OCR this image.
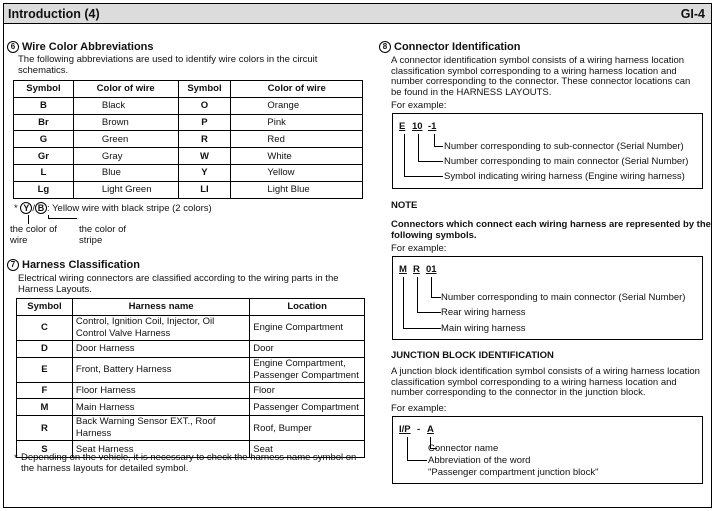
Introduction (4)	GI-4
6 Wire Color Abbreviations
The following abbreviations are used to identify wire colors in the circuit schematics.
Symbol	Color of wire	Symbol	Color of wire
B	Black	O	Orange
Br	Brown	P	Pink
G	Green	R	Red
Gr	Gray	W	White
L	Blue	Y	Yellow
Lg	Light Green	LI	Light Blue
* Y / B : Yellow wire with black stripe (2 colors)
the color of wire
the color of stripe
7 Harness Classification
Electrical wiring connectors are classified according to the wiring parts in the Harness Layouts.
Symbol	Harness name	Location
C	Control, Ignition Coil, Injector, Oil Control Valve Harness	Engine Compartment
D	Door Harness	Door
E	Front, Battery Harness	Engine Compartment, Passenger Compartment
F	Floor Harness	Floor
M	Main Harness	Passenger Compartment
R	Back Warning Sensor EXT., Roof Harness	Roof, Bumper
S	Seat Harness	Seat
* Depending on the vehicle, it is necessary to check the harness name symbol on the harness layouts for detailed symbol.
8 Connector Identification
A connector identification symbol consists of a wiring harness location classification symbol corresponding to a wiring harness location and number corresponding to the connector. These connector locations can be found in the HARNESS LAYOUTS.
For example:
E 10 -1
Number corresponding to sub-connector (Serial Number)
Number corresponding to main connector (Serial Number)
Symbol indicating wiring harness (Engine wiring harness)
NOTE
Connectors which connect each wiring harness are represented by the following symbols.
For example:
M R 01
Number corresponding to main connector (Serial Number)
Rear wiring harness
Main wiring harness
JUNCTION BLOCK IDENTIFICATION
A junction block identification symbol consists of a wiring harness location classification symbol corresponding to a wiring harness location and number corresponding to the connector in the junction block.
For example:
I/P - A
Connector name
Abbreviation of the word
"Passenger compartment junction block"
